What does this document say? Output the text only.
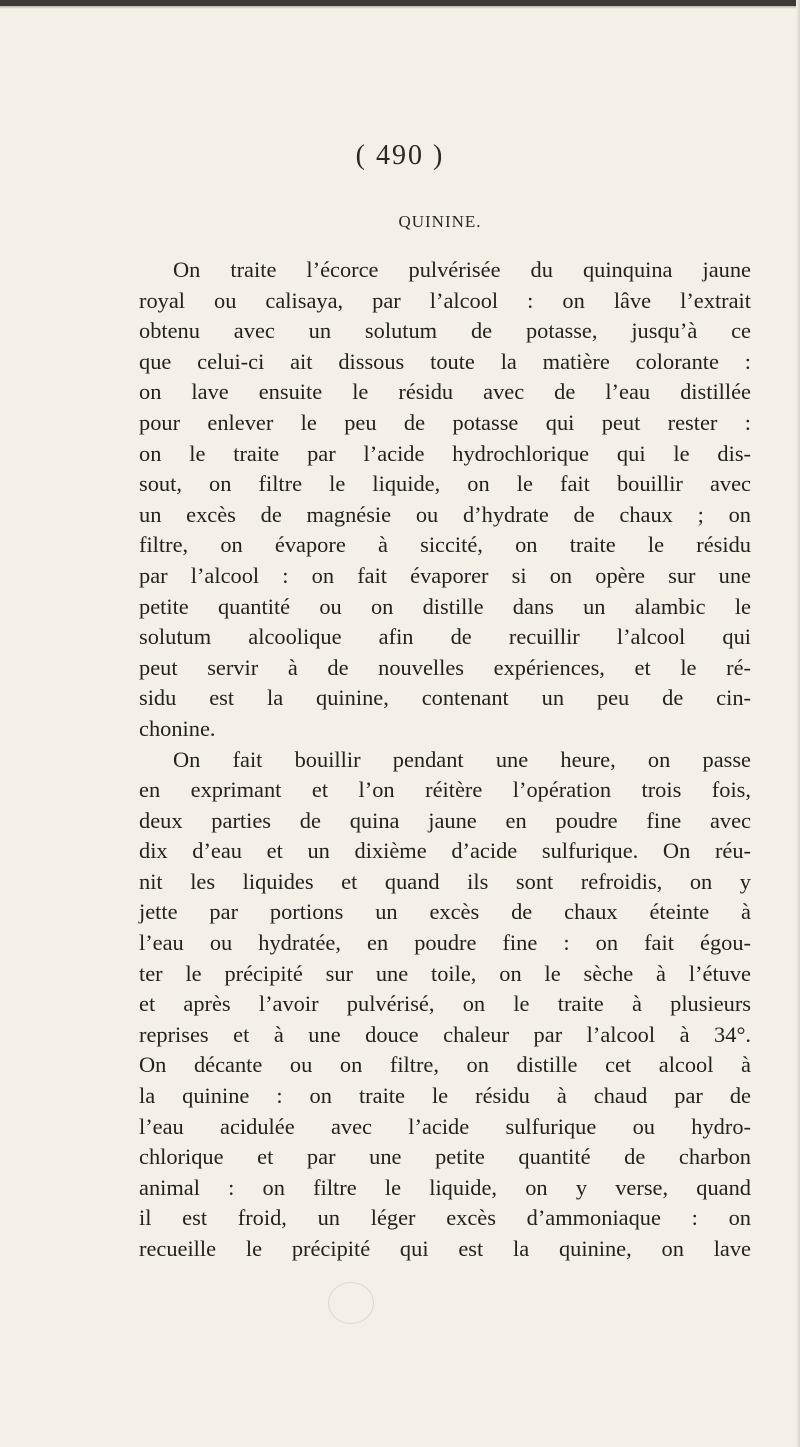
( 490 )
QUININE.
On traite l’écorce pulvérisée du quinquina jaune
royal ou calisaya, par l’alcool : on lâve l’extrait
obtenu avec un solutum de potasse, jusqu’à ce
que celui-ci ait dissous toute la matière colorante :
on lave ensuite le résidu avec de l’eau distillée
pour enlever le peu de potasse qui peut rester :
on le traite par l’acide hydrochlorique qui le dis-
sout, on filtre le liquide, on le fait bouillir avec
un excès de magnésie ou d’hydrate de chaux ; on
filtre, on évapore à siccité, on traite le résidu
par l’alcool : on fait évaporer si on opère sur une
petite quantité ou on distille dans un alambic le
solutum alcoolique afin de recuillir l’alcool qui
peut servir à de nouvelles expériences, et le ré-
sidu est la quinine, contenant un peu de cin-
chonine.
On fait bouillir pendant une heure, on passe
en exprimant et l’on réitère l’opération trois fois,
deux parties de quina jaune en poudre fine avec
dix d’eau et un dixième d’acide sulfurique. On réu-
nit les liquides et quand ils sont refroidis, on y
jette par portions un excès de chaux éteinte à
l’eau ou hydratée, en poudre fine : on fait égou-
ter le précipité sur une toile, on le sèche à l’étuve
et après l’avoir pulvérisé, on le traite à plusieurs
reprises et à une douce chaleur par l’alcool à 34°.
On décante ou on filtre, on distille cet alcool à
la quinine : on traite le résidu à chaud par de
l’eau acidulée avec l’acide sulfurique ou hydro-
chlorique et par une petite quantité de charbon
animal : on filtre le liquide, on y verse, quand
il est froid, un léger excès d’ammoniaque : on
recueille le précipité qui est la quinine, on lave
